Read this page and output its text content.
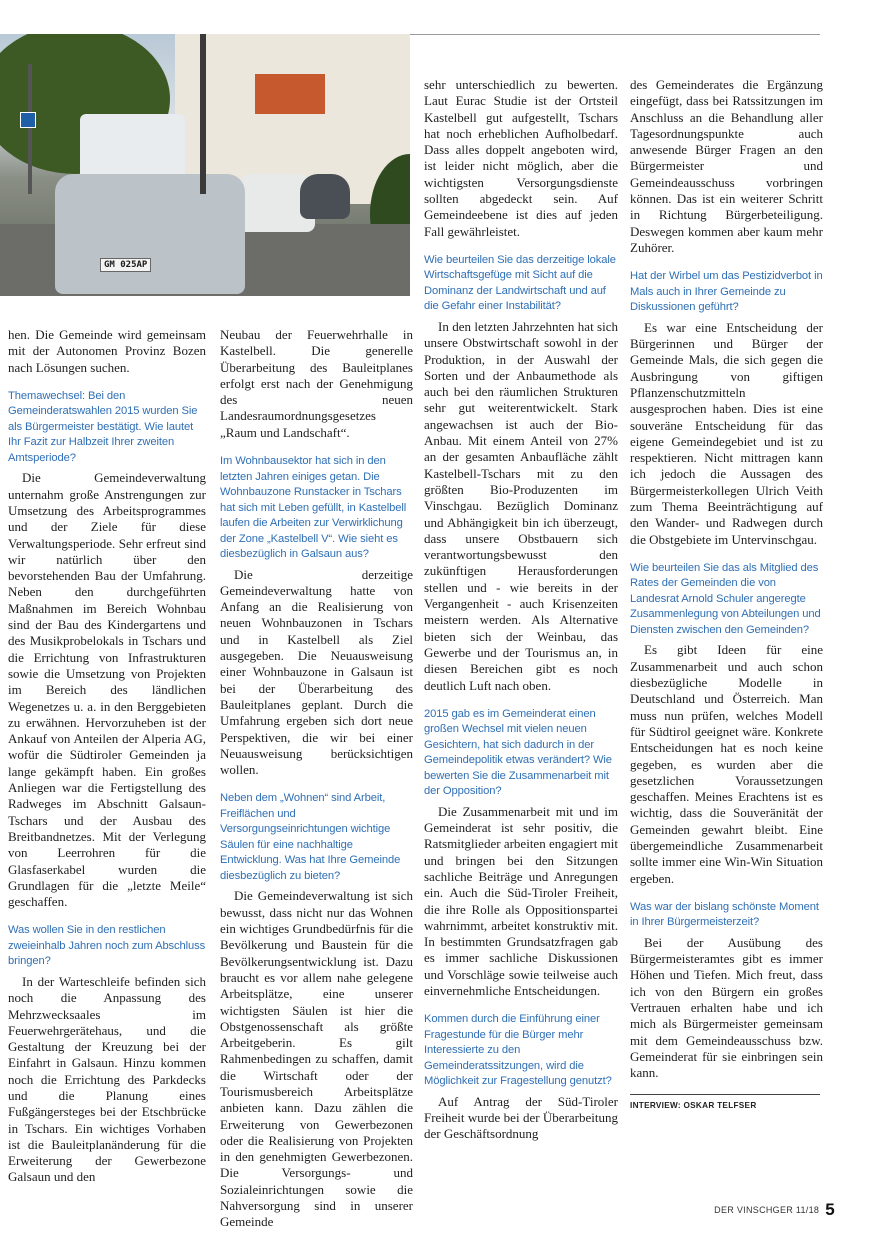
GM 025AP

hen. Die Gemeinde wird gemeinsam mit der Autonomen Provinz Bozen nach Lösungen suchen.

Themawechsel: Bei den Gemeinderatswahlen 2015 wurden Sie als Bürgermeister bestätigt. Wie lautet Ihr Fazit zur Halbzeit Ihrer zweiten Amtsperiode?

Die Gemeindeverwaltung unternahm große Anstrengungen zur Umsetzung des Arbeitsprogrammes und der Ziele für diese Verwaltungsperiode. Sehr erfreut sind wir natürlich über den bevorstehenden Bau der Umfahrung. Neben den durchgeführten Maßnahmen im Bereich Wohnbau sind der Bau des Kindergartens und des Musikprobelokals in Tschars und die Errichtung von Infrastrukturen sowie die Umsetzung von Projekten im Bereich des ländlichen Wegenetzes u. a. in den Berggebieten zu erwähnen. Hervorzuheben ist der Ankauf von Anteilen der Alperia AG, wofür die Südtiroler Gemeinden ja lange gekämpft haben. Ein großes Anliegen war die Fertigstellung des Radweges im Abschnitt Galsaun-Tschars und der Ausbau des Breitbandnetzes. Mit der Verlegung von Leerrohren für die Glasfaserkabel wurden die Grundlagen für die „letzte Meile“ geschaffen.

Was wollen Sie in den restlichen zweieinhalb Jahren noch zum Abschluss bringen?

In der Warteschleife befinden sich noch die Anpassung des Mehrzwecksaales im Feuerwehrgerätehaus, und die Gestaltung der Kreuzung bei der Einfahrt in Galsaun. Hinzu kommen noch die Errichtung des Parkdecks und die Planung eines Fußgängersteges bei der Etschbrücke in Tschars. Ein wichtiges Vorhaben ist die Bauleitplanänderung für die Erweiterung der Gewerbezone Galsaun und den

Neubau der Feuerwehrhalle in Kastelbell. Die generelle Überarbeitung des Bauleitplanes erfolgt erst nach der Genehmigung des neuen Landesraumordnungsgesetzes „Raum und Landschaft“.

Im Wohnbausektor hat sich in den letzten Jahren einiges getan. Die Wohnbauzone Runstacker in Tschars hat sich mit Leben gefüllt, in Kastelbell laufen die Arbeiten zur Verwirklichung der Zone „Kastelbell V“. Wie sieht es diesbezüglich in Galsaun aus?

Die derzeitige Gemeindeverwaltung hatte von Anfang an die Realisierung von neuen Wohnbauzonen in Tschars und in Kastelbell als Ziel ausgegeben. Die Neuausweisung einer Wohnbauzone in Galsaun ist bei der Überarbeitung des Bauleitplanes geplant. Durch die Umfahrung ergeben sich dort neue Perspektiven, die wir bei einer Neuausweisung berücksichtigen wollen.

Neben dem „Wohnen“ sind Arbeit, Freiflächen und Versorgungseinrichtungen wichtige Säulen für eine nachhaltige Entwicklung. Was hat Ihre Gemeinde diesbezüglich zu bieten?

Die Gemeindeverwaltung ist sich bewusst, dass nicht nur das Wohnen ein wichtiges Grundbedürfnis für die Bevölkerung und Baustein für die Bevölkerungsentwicklung ist. Dazu braucht es vor allem nahe gelegene Arbeitsplätze, eine unserer wichtigsten Säulen ist hier die Obstgenossenschaft als größte Arbeitgeberin. Es gilt Rahmenbedingen zu schaffen, damit die Wirtschaft oder der Tourismusbereich Arbeitsplätze anbieten kann. Dazu zählen die Erweiterung von Gewerbezonen oder die Realisierung von Projekten in den genehmigten Gewerbezonen. Die Versorgungs- und Sozialeinrichtungen sowie die Nahversorgung sind in unserer Gemeinde

sehr unterschiedlich zu bewerten. Laut Eurac Studie ist der Ortsteil Kastelbell gut aufgestellt, Tschars hat noch erheblichen Aufholbedarf. Dass alles doppelt angeboten wird, ist leider nicht möglich, aber die wichtigsten Versorgungsdienste sollten abgedeckt sein. Auf Gemeindeebene ist dies auf jeden Fall gewährleistet.

Wie beurteilen Sie das derzeitige lokale Wirtschaftsgefüge mit Sicht auf die Dominanz der Landwirtschaft und auf die Gefahr einer Instabilität?

In den letzten Jahrzehnten hat sich unsere Obstwirtschaft sowohl in der Produktion, in der Auswahl der Sorten und der Anbaumethode als auch bei den räumlichen Strukturen sehr gut weiterentwickelt. Stark angewachsen ist auch der Bio-Anbau. Mit einem Anteil von 27% an der gesamten Anbaufläche zählt Kastelbell-Tschars mit zu den größten Bio-Produzenten im Vinschgau. Bezüglich Dominanz und Abhängigkeit bin ich überzeugt, dass unsere Obstbauern sich verantwortungsbewusst den zukünftigen Herausforderungen stellen und - wie bereits in der Vergangenheit - auch Krisenzeiten meistern werden. Als Alternative bieten sich der Weinbau, das Gewerbe und der Tourismus an, in diesen Bereichen gibt es noch deutlich Luft nach oben.

2015 gab es im Gemeinderat einen großen Wechsel mit vielen neuen Gesichtern, hat sich dadurch in der Gemeindepolitik etwas verändert? Wie bewerten Sie die Zusammenarbeit mit der Opposition?

Die Zusammenarbeit mit und im Gemeinderat ist sehr positiv, die Ratsmitglieder arbeiten engagiert mit und bringen bei den Sitzungen sachliche Beiträge und Anregungen ein. Auch die Süd-Tiroler Freiheit, die ihre Rolle als Oppositionspartei wahrnimmt, arbeitet konstruktiv mit. In bestimmten Grundsatzfragen gab es immer sachliche Diskussionen und Vorschläge sowie teilweise auch einvernehmliche Entscheidungen.

Kommen durch die Einführung einer Fragestunde für die Bürger mehr Interessierte zu den Gemeinderatssitzungen, wird die Möglichkeit zur Fragestellung genutzt?

Auf Antrag der Süd-Tiroler Freiheit wurde bei der Überarbeitung der Geschäftsordnung

des Gemeinderates die Ergänzung eingefügt, dass bei Ratssitzungen im Anschluss an die Behandlung aller Tagesordnungspunkte auch anwesende Bürger Fragen an den Bürgermeister und Gemeindeausschuss vorbringen können. Das ist ein weiterer Schritt in Richtung Bürgerbeteiligung. Deswegen kommen aber kaum mehr Zuhörer.

Hat der Wirbel um das Pestizidverbot in Mals auch in Ihrer Gemeinde zu Diskussionen geführt?

Es war eine Entscheidung der Bürgerinnen und Bürger der Gemeinde Mals, die sich gegen die Ausbringung von giftigen Pflanzenschutzmitteln ausgesprochen haben. Dies ist eine souveräne Entscheidung für das eigene Gemeindegebiet und ist zu respektieren. Nicht mittragen kann ich jedoch die Aussagen des Bürgermeisterkollegen Ulrich Veith zum Thema Beeinträchtigung auf den Wander- und Radwegen durch die Obstgebiete im Untervinschgau.

Wie beurteilen Sie das als Mitglied des Rates der Gemeinden die von Landesrat Arnold Schuler angeregte Zusammenlegung von Abteilungen und Diensten zwischen den Gemeinden?

Es gibt Ideen für eine Zusammenarbeit und auch schon diesbezügliche Modelle in Deutschland und Österreich. Man muss nun prüfen, welches Modell für Südtirol geeignet wäre. Konkrete Entscheidungen hat es noch keine gegeben, es wurden aber die gesetzlichen Voraussetzungen geschaffen. Meines Erachtens ist es wichtig, dass die Souveränität der Gemeinden gewahrt bleibt. Eine übergemeindliche Zusammenarbeit sollte immer eine Win-Win Situation ergeben.

Was war der bislang schönste Moment in Ihrer Bürgermeisterzeit?

Bei der Ausübung des Bürgermeisteramtes gibt es immer Höhen und Tiefen. Mich freut, dass ich von den Bürgern ein großes Vertrauen erhalten habe und ich mich als Bürgermeister gemeinsam mit dem Gemeindeausschuss bzw. Gemeinderat für sie einbringen sein kann.

INTERVIEW: OSKAR TELFSER

DER VINSCHGER 11/18 5
